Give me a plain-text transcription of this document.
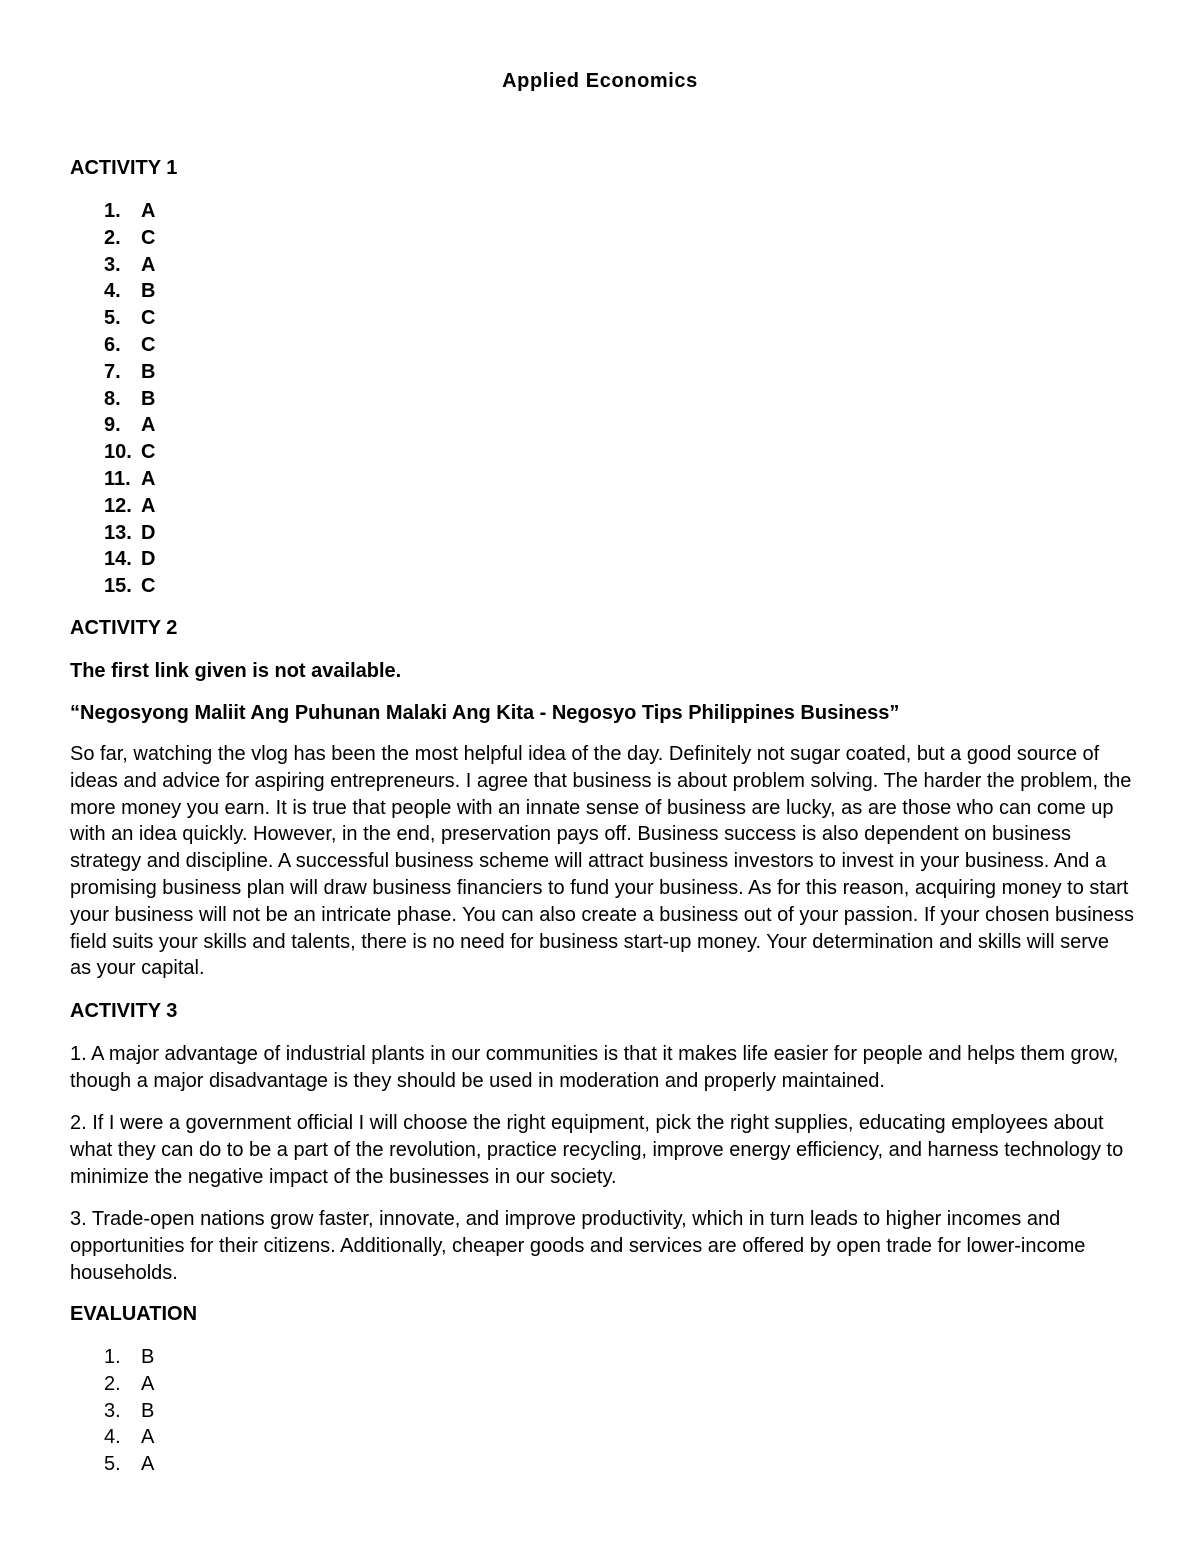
Applied Economics
ACTIVITY 1
1.	A
2.	C
3.	A
4.	B
5.	C
6.	C
7.	B
8.	B
9.	A
10. C
11. A
12. A
13. D
14. D
15. C
ACTIVITY 2

The first link given is not available.

“Negosyong Maliit Ang Puhunan Malaki Ang Kita - Negosyo Tips Philippines Business”

So far, watching the vlog has been the most helpful idea of the day. Definitely not sugar coated, but a good source of ideas and advice for aspiring entrepreneurs. I agree that business is about problem solving. The harder the problem, the more money you earn. It is true that people with an innate sense of business are lucky, as are those who can come up with an idea quickly. However, in the end, preservation pays off. Business success is also dependent on business strategy and discipline. A successful business scheme will attract business investors to invest in your business. And a promising business plan will draw business financiers to fund your business. As for this reason, acquiring money to start your business will not be an intricate phase. You can also create a business out of your passion. If your chosen business field suits your skills and talents, there is no need for business start-up money. Your determination and skills will serve as your capital.

ACTIVITY 3

1. A major advantage of industrial plants in our communities is that it makes life easier for people and helps them grow, though a major disadvantage is they should be used in moderation and properly maintained.

2. If I were a government official I will choose the right equipment, pick the right supplies, educating employees about what they can do to be a part of the revolution, practice recycling, improve energy efficiency, and harness technology to minimize the negative impact of the businesses in our society.

3. Trade-open nations grow faster, innovate, and improve productivity, which in turn leads to higher incomes and opportunities for their citizens. Additionally, cheaper goods and services are offered by open trade for lower-income households.

EVALUATION
1.	B
2.	A
3.	B
4.	A
5.	A
